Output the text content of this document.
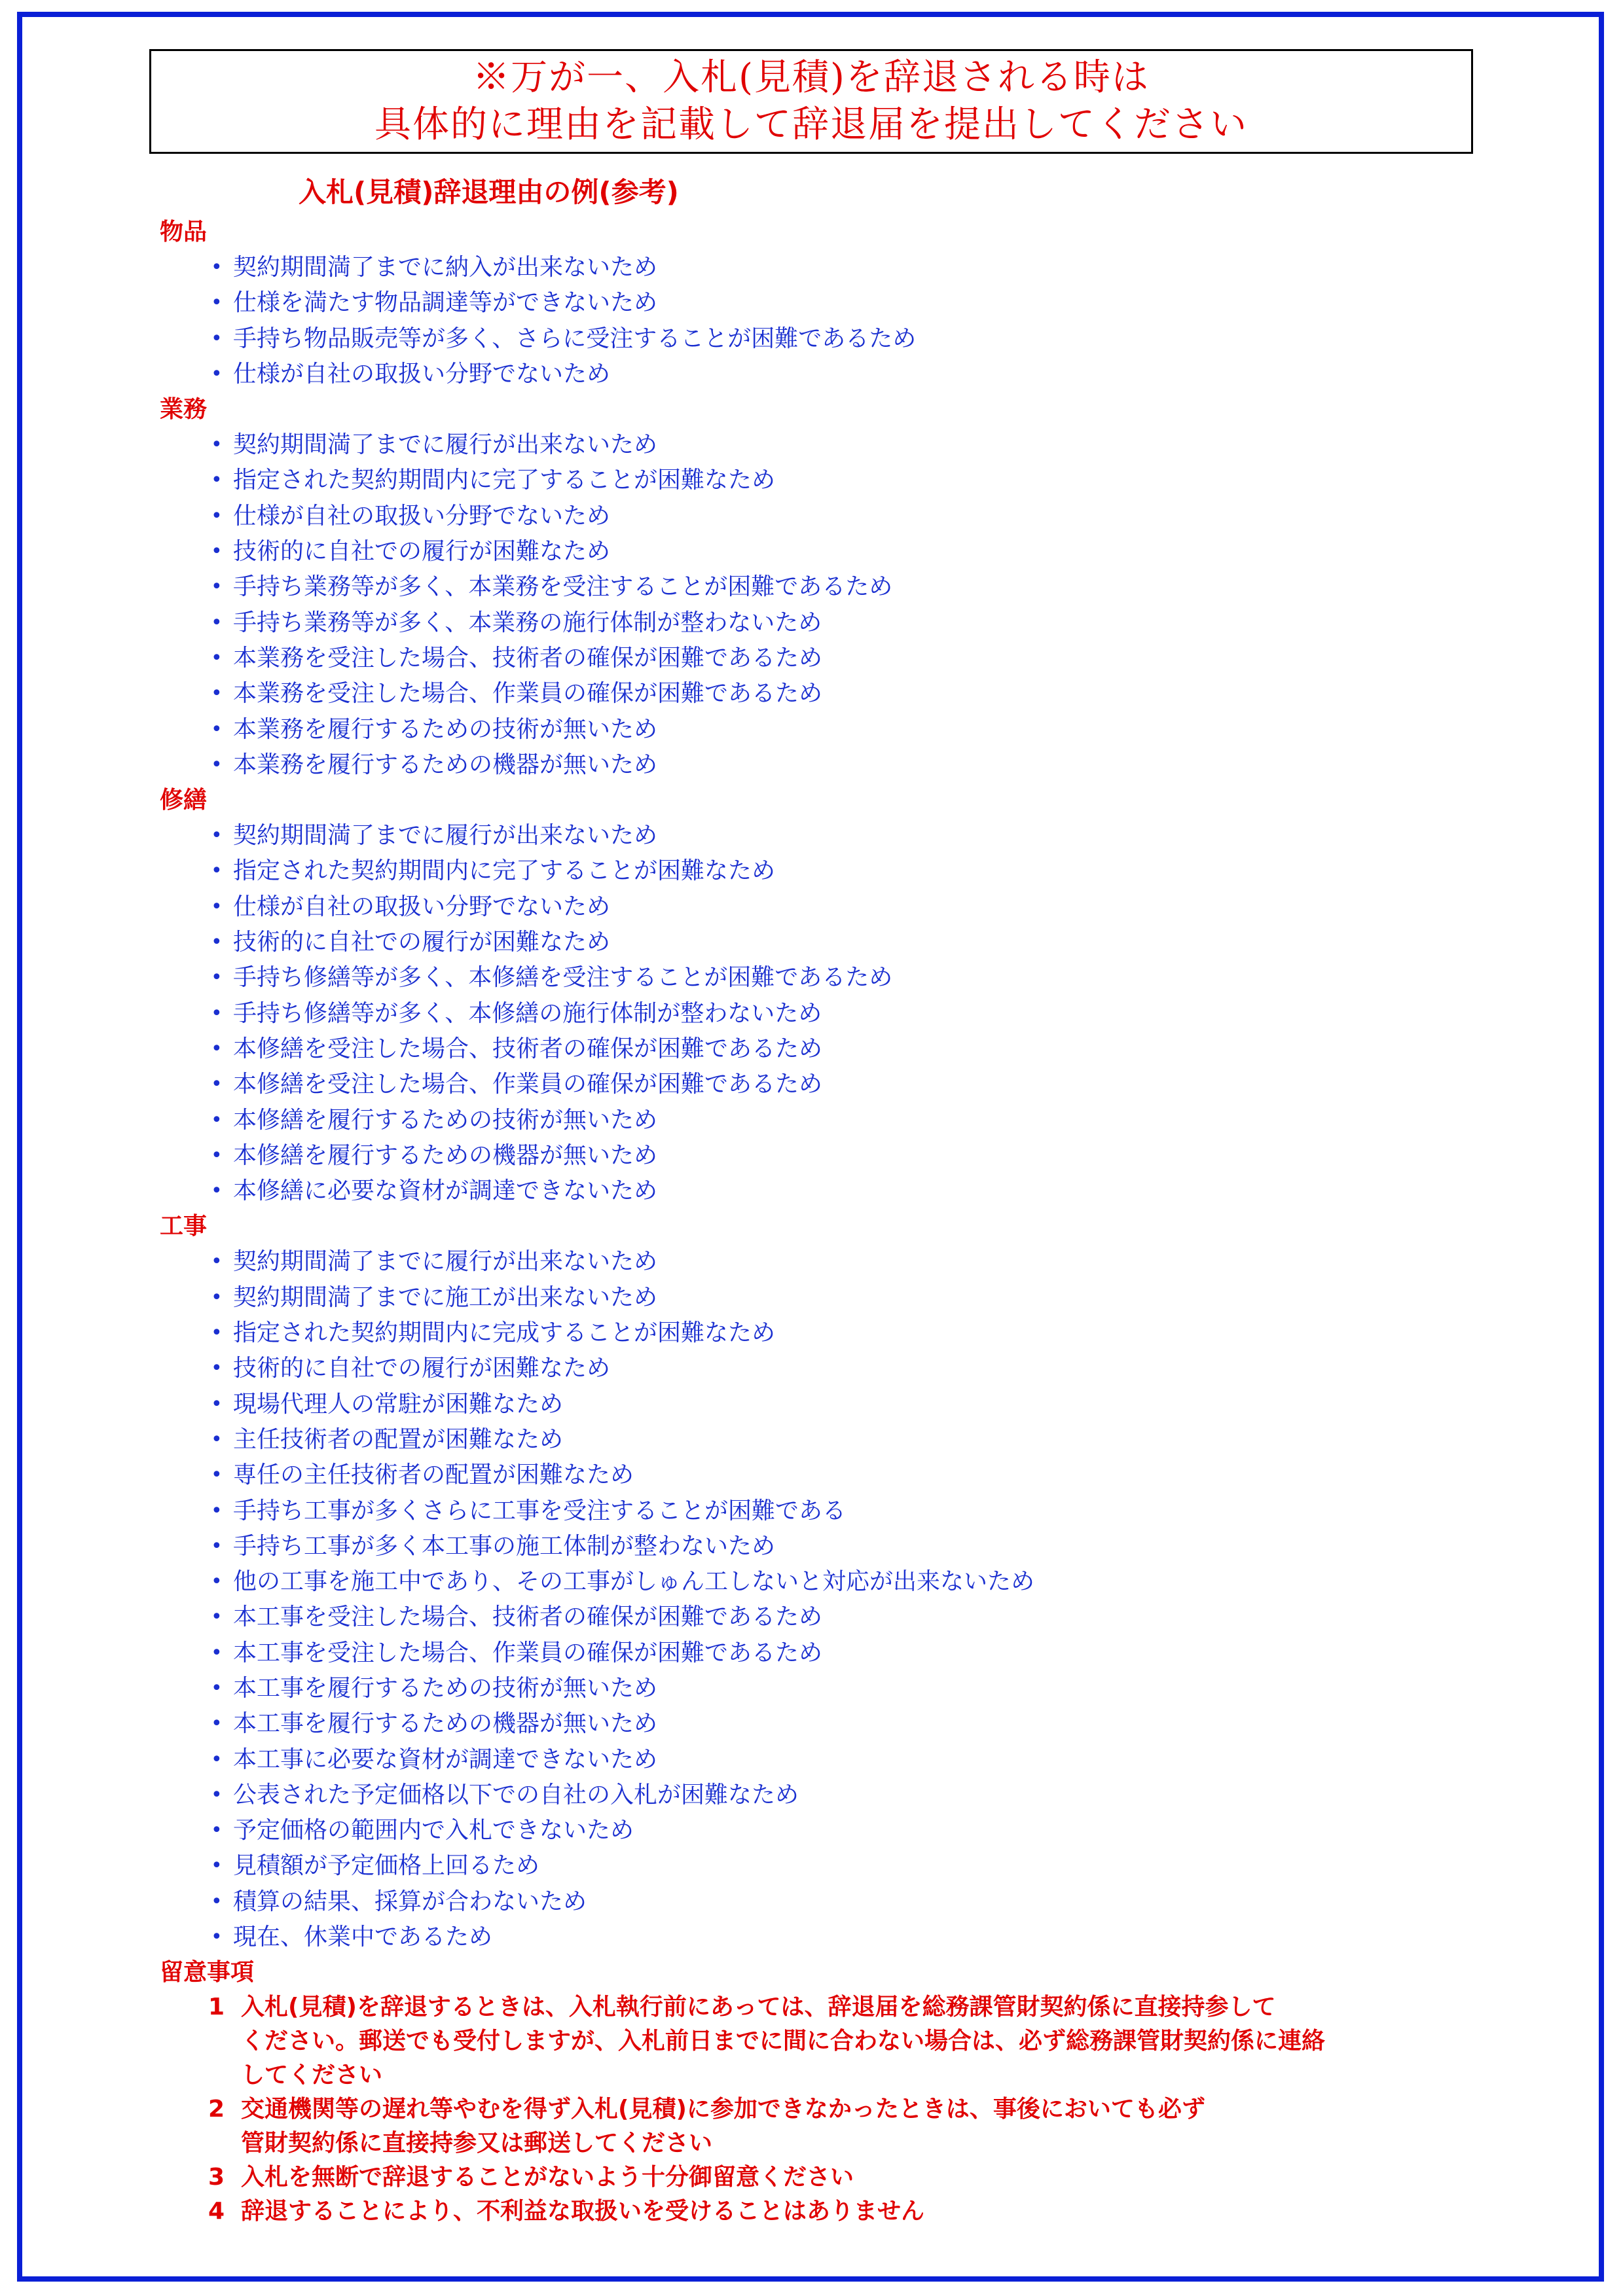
※万が一、入札(見積)を辞退される時は
具体的に理由を記載して辞退届を提出してください
入札(見積)辞退理由の例(参考)
物品
• 契約期間満了までに納入が出来ないため
• 仕様を満たす物品調達等ができないため
• 手持ち物品販売等が多く、さらに受注することが困難であるため
• 仕様が自社の取扱い分野でないため
業務
• 契約期間満了までに履行が出来ないため
• 指定された契約期間内に完了することが困難なため
• 仕様が自社の取扱い分野でないため
• 技術的に自社での履行が困難なため
• 手持ち業務等が多く、本業務を受注することが困難であるため
• 手持ち業務等が多く、本業務の施行体制が整わないため
• 本業務を受注した場合、技術者の確保が困難であるため
• 本業務を受注した場合、作業員の確保が困難であるため
• 本業務を履行するための技術が無いため
• 本業務を履行するための機器が無いため
修繕
• 契約期間満了までに履行が出来ないため
• 指定された契約期間内に完了することが困難なため
• 仕様が自社の取扱い分野でないため
• 技術的に自社での履行が困難なため
• 手持ち修繕等が多く、本修繕を受注することが困難であるため
• 手持ち修繕等が多く、本修繕の施行体制が整わないため
• 本修繕を受注した場合、技術者の確保が困難であるため
• 本修繕を受注した場合、作業員の確保が困難であるため
• 本修繕を履行するための技術が無いため
• 本修繕を履行するための機器が無いため
• 本修繕に必要な資材が調達できないため
工事
• 契約期間満了までに履行が出来ないため
• 契約期間満了までに施工が出来ないため
• 指定された契約期間内に完成することが困難なため
• 技術的に自社での履行が困難なため
• 現場代理人の常駐が困難なため
• 主任技術者の配置が困難なため
• 専任の主任技術者の配置が困難なため
• 手持ち工事が多くさらに工事を受注することが困難である
• 手持ち工事が多く本工事の施工体制が整わないため
• 他の工事を施工中であり、その工事がしゅん工しないと対応が出来ないため
• 本工事を受注した場合、技術者の確保が困難であるため
• 本工事を受注した場合、作業員の確保が困難であるため
• 本工事を履行するための技術が無いため
• 本工事を履行するための機器が無いため
• 本工事に必要な資材が調達できないため
• 公表された予定価格以下での自社の入札が困難なため
• 予定価格の範囲内で入札できないため
• 見積額が予定価格上回るため
• 積算の結果、採算が合わないため
• 現在、休業中であるため
留意事項
1 入札(見積)を辞退するときは、入札執行前にあっては、辞退届を総務課管財契約係に直接持参して
ください。郵送でも受付しますが、入札前日までに間に合わない場合は、必ず総務課管財契約係に連絡
してください
2 交通機関等の遅れ等やむを得ず入札(見積)に参加できなかったときは、事後においても必ず
管財契約係に直接持参又は郵送してください
3 入札を無断で辞退することがないよう十分御留意ください
4 辞退することにより、不利益な取扱いを受けることはありません
